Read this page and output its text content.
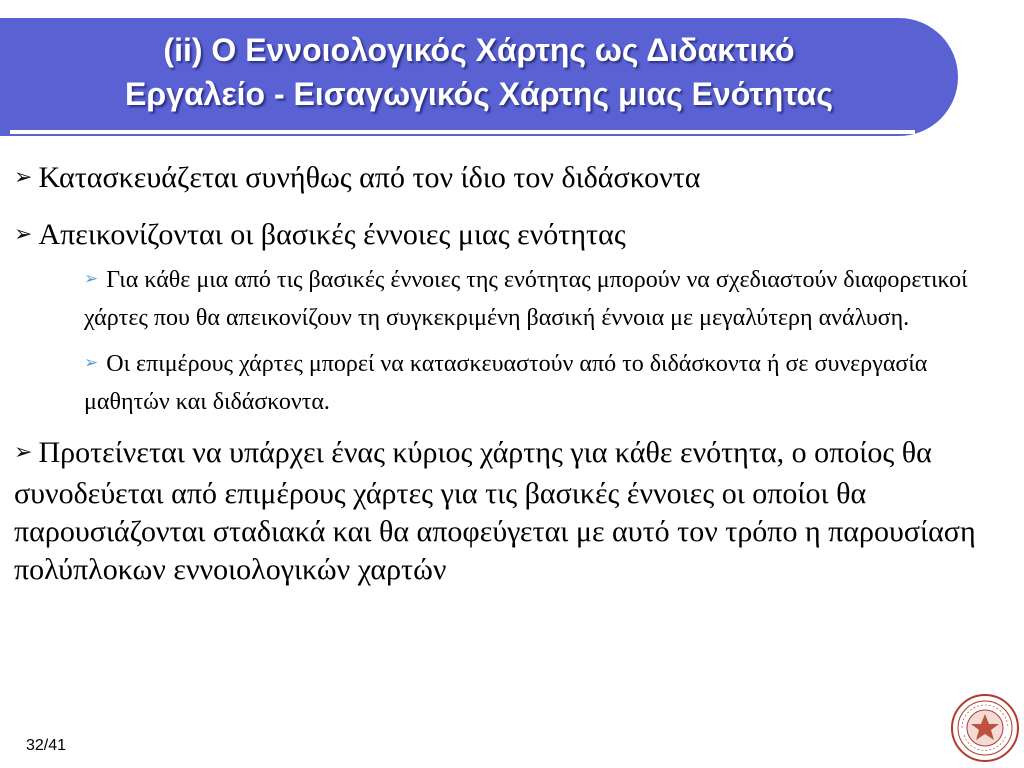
(ii) Ο Εννοιολογικός Χάρτης ως Διδακτικό
Εργαλείο - Εισαγωγικός Χάρτης μιας Ενότητας
➢ Κατασκευάζεται συνήθως από τον ίδιο τον διδάσκοντα
➢ Απεικονίζονται οι βασικές έννοιες μιας ενότητας
➢ Για κάθε μια από τις βασικές έννοιες της ενότητας μπορούν να σχεδιαστούν διαφορετικοί χάρτες που θα απεικονίζουν τη συγκεκριμένη βασική έννοια με μεγαλύτερη ανάλυση.
➢ Οι επιμέρους χάρτες μπορεί να κατασκευαστούν από το διδάσκοντα ή σε συνεργασία μαθητών και διδάσκοντα.
➢ Προτείνεται να υπάρχει ένας κύριος χάρτης για κάθε ενότητα, ο οποίος θα συνοδεύεται από επιμέρους χάρτες για τις βασικές έννοιες οι οποίοι θα παρουσιάζονται σταδιακά και θα αποφεύγεται με αυτό τον τρόπο η παρουσίαση πολύπλοκων εννοιολογικών χαρτών
32/41
